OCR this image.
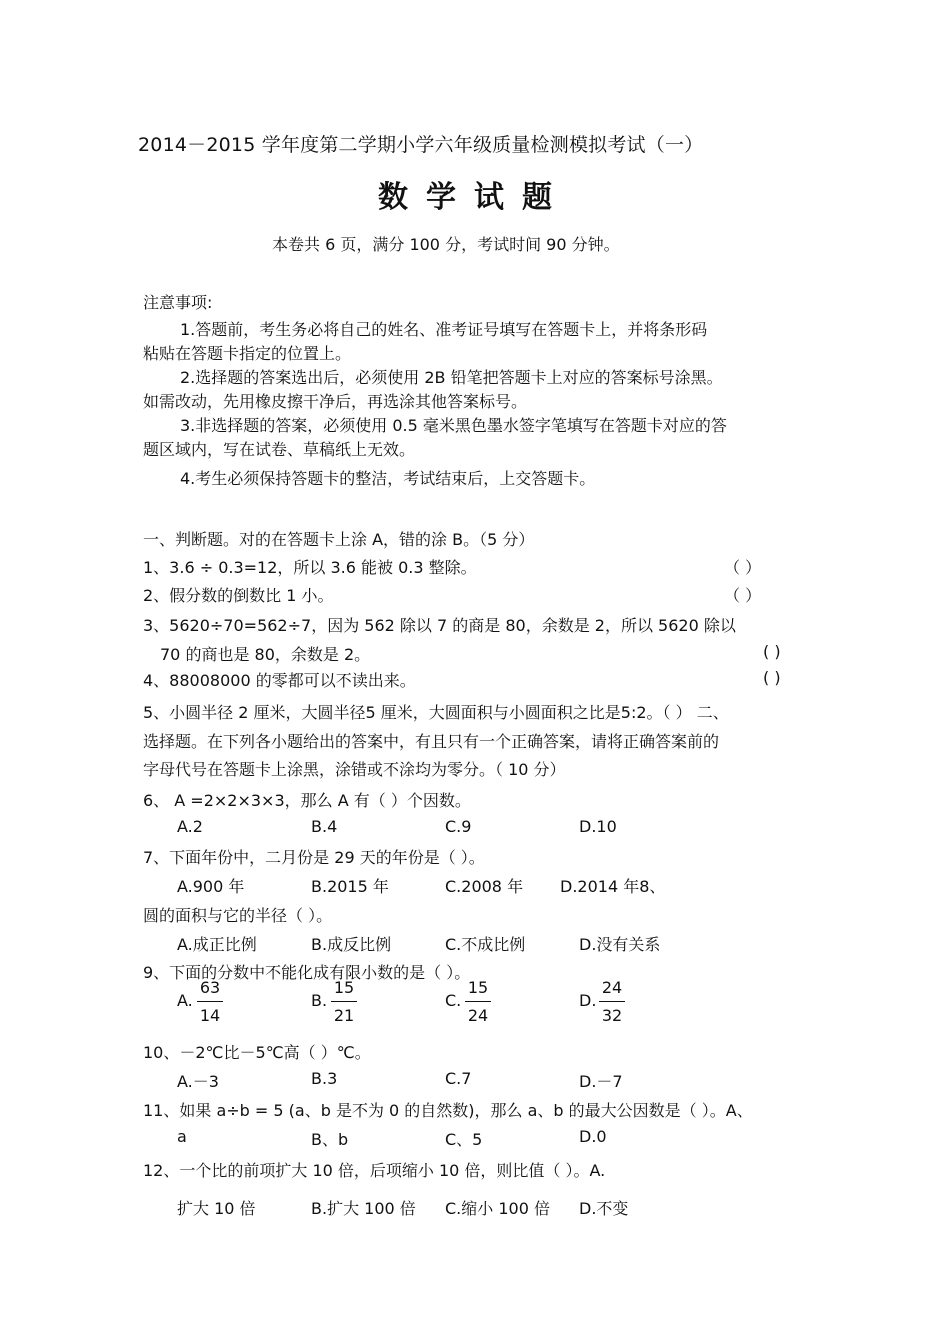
2014－2015 学年度第二学期小学六年级质量检测模拟考试（一）
数学试题
本卷共 6 页，满分 100 分，考试时间 90 分钟。
注意事项:
1.答题前，考生务必将自己的姓名、准考证号填写在答题卡上，并将条形码
粘贴在答题卡指定的位置上。
2.选择题的答案选出后，必须使用 2B 铅笔把答题卡上对应的答案标号涂黑。
如需改动，先用橡皮擦干净后，再选涂其他答案标号。
3.非选择题的答案，必须使用 0.5 毫米黑色墨水签字笔填写在答题卡对应的答
题区域内，写在试卷、草稿纸上无效。
4.考生必须保持答题卡的整洁，考试结束后，上交答题卡。
一、判断题。对的在答题卡上涂 A，错的涂 B。（5 分）
1、3.6 ÷ 0.3=12，所以 3.6 能被 0.3 整除。	（ ）
2、假分数的倒数比 1 小。	（ ）
3、5620÷70=562÷7，因为 562 除以 7 的商是 80，余数是 2，所以 5620 除以
70 的商也是 80，余数是 2。	( )
4、88008000 的零都可以不读出来。	( )
5、小圆半径 2 厘米，大圆半径5 厘米，大圆面积与小圆面积之比是5:2。（ ） 二、
选择题。在下列各小题给出的答案中，有且只有一个正确答案，请将正确答案前的
字母代号在答题卡上涂黑，涂错或不涂均为零分。（ 10 分）
6、 A =2×2×3×3，那么 A 有（ ）个因数。
A.2	B.4	C.9	D.10
7、下面年份中，二月份是 29 天的年份是（ ）。
A.900 年	B.2015 年	C.2008 年 D.2014 年8、
圆的面积与它的半径（ ）。
A.成正比例	B.成反比例	C.不成比例	D.没有关系
9、下面的分数中不能化成有限小数的是（ ）。
A.
63
14
B.
15
21
C.
15
24
D.
24
32
10、－2℃比－5℃高（ ）℃。
A.－3	B.3	C.7	D.－7
11、如果 a÷b = 5 (a、b 是不为 0 的自然数)，那么 a、b 的最大公因数是（ ）。A、
a	B、b	C、5	D.0
12、一个比的前项扩大 10 倍，后项缩小 10 倍，则比值（ ）。A.
扩大 10 倍	B.扩大 100 倍 C.缩小 100 倍 D.不变
